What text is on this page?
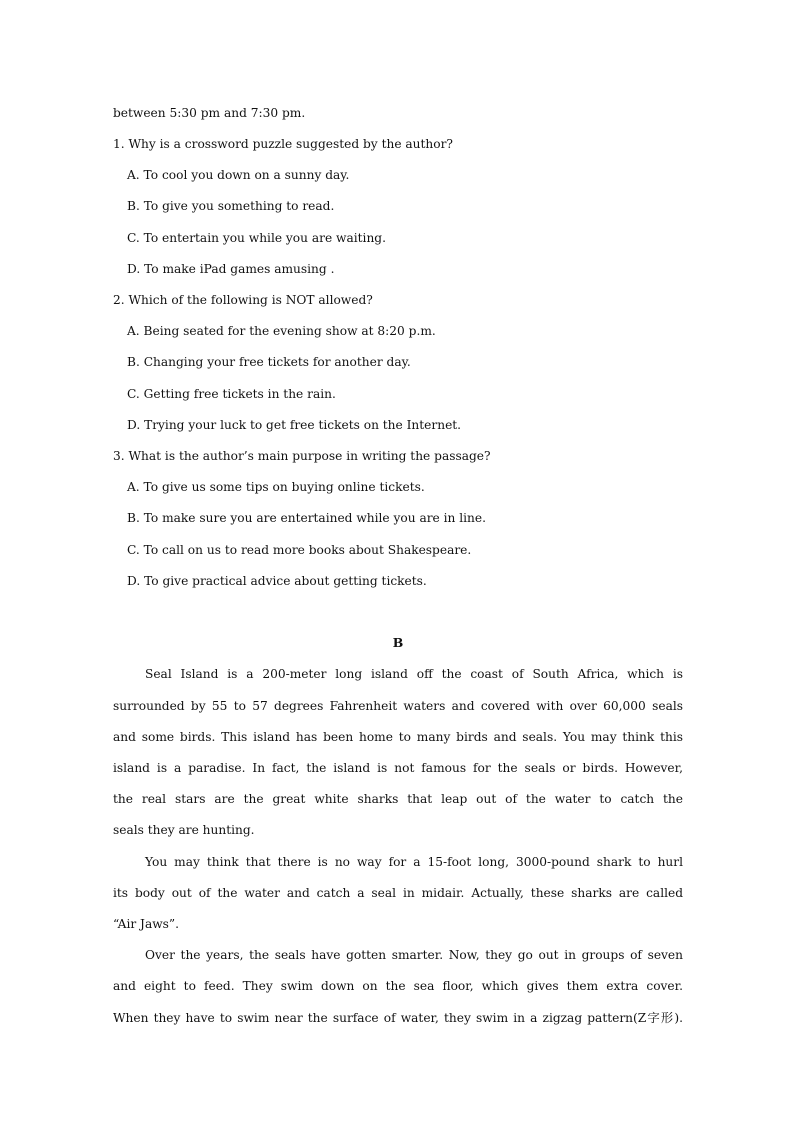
between 5:30 pm and 7:30 pm.
1. Why is a crossword puzzle suggested by the author?
A. To cool you down on a sunny day.
B. To give you something to read.
C. To entertain you while you are waiting.
D. To make iPad games amusing .
2. Which of the following is NOT allowed?
A. Being seated for the evening show at 8:20 p.m.
B. Changing your free tickets for another day.
C. Getting free tickets in the rain.
D. Trying your luck to get free tickets on the Internet.
3. What is the author’s main purpose in writing the passage?
A. To give us some tips on buying online tickets.
B. To make sure you are entertained while you are in line.
C. To call on us to read more books about Shakespeare.
D. To give practical advice about getting tickets.
B
Seal Island is a 200-meter long island off the coast of South Africa, which is
surrounded by 55 to 57 degrees Fahrenheit waters and covered with over 60,000 seals
and some birds. This island has been home to many birds and seals. You may think this
island is a paradise. In fact, the island is not famous for the seals or birds. However,
the real stars are the great white sharks that leap out of the water to catch the
seals they are hunting.
You may think that there is no way for a 15-foot long, 3000-pound shark to hurl
its body out of the water and catch a seal in midair. Actually, these sharks are called
“Air Jaws”.
Over the years, the seals have gotten smarter. Now, they go out in groups of seven
and eight to feed. They swim down on the sea floor, which gives them extra cover.
When they have to swim near the surface of water, they swim in a zigzag pattern(Z字形).
